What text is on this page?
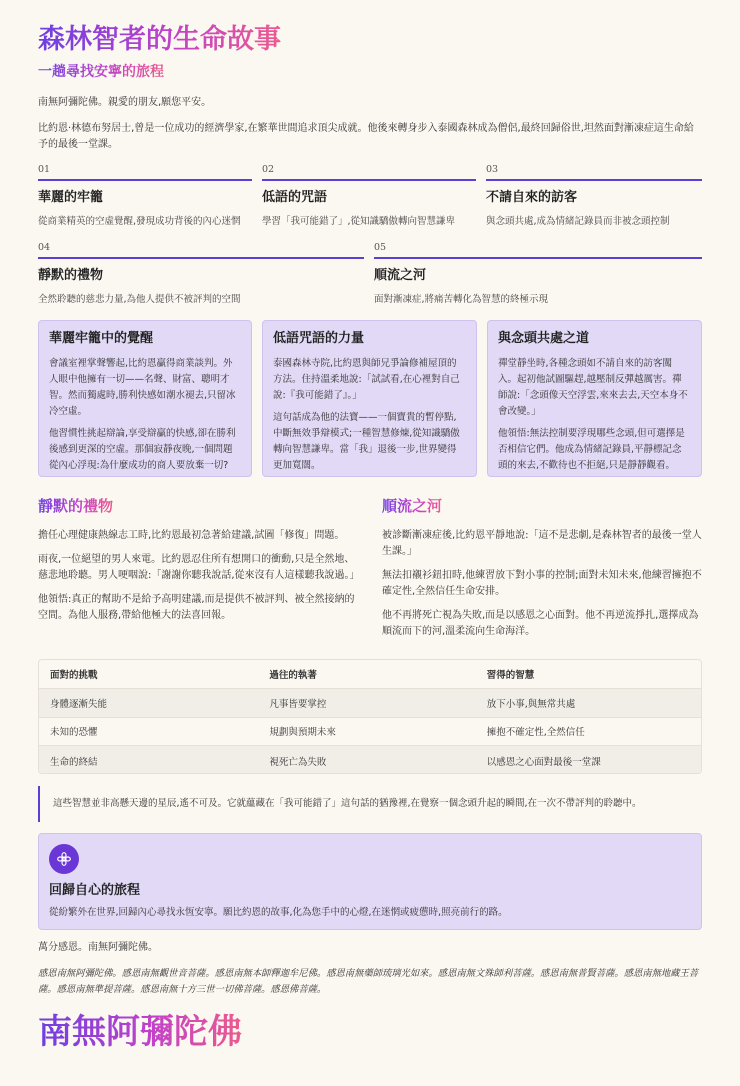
森林智者的生命故事
一趟尋找安寧的旅程

南無阿彌陀佛。親愛的朋友,願您平安。

比約恩·林德布努居士,曾是一位成功的經濟學家,在繁華世間追求頂尖成就。他後來轉身步入泰國森林成為僧侶,最終回歸俗世,坦然面對漸凍症這生命給予的最後一堂課。

01
華麗的牢籠
從商業精英的空虛覺醒,發現成功背後的內心迷惘
02
低語的咒語
學習「我可能錯了」,從知識驕傲轉向智慧謙卑
03
不請自來的訪客
與念頭共處,成為情緒記錄員而非被念頭控制
04
靜默的禮物
全然聆聽的慈悲力量,為他人提供不被評判的空間
05
順流之河
面對漸凍症,將痛苦轉化為智慧的終極示現
華麗牢籠中的覺醒

會議室裡掌聲響起,比約恩贏得商業談判。外人眼中他擁有一切——名聲、財富、聰明才智。然而獨處時,勝利快感如潮水褪去,只留冰冷空虛。

他習慣性挑起辯論,享受辯贏的快感,卻在勝利後感到更深的空虛。那個寂靜夜晚,一個問題從內心浮現:為什麼成功的商人要放棄一切?

低語咒語的力量

泰國森林寺院,比約恩與師兄爭論修補屋頂的方法。住持溫柔地說:「試試看,在心裡對自己說:『我可能錯了』。」

這句話成為他的法寶——一個寶貴的暫停點,中斷無效爭辯模式;一種智慧修煉,從知識驕傲轉向智慧謙卑。當「我」退後一步,世界變得更加寬闊。

與念頭共處之道

禪堂靜坐時,各種念頭如不請自來的訪客闖入。起初他試圖驅趕,越壓制反彈越厲害。禪師說:「念頭像天空浮雲,來來去去,天空本身不會改變。」

他領悟:無法控制要浮現哪些念頭,但可選擇是否相信它們。他成為情緒記錄員,平靜標記念頭的來去,不歡待也不拒絕,只是靜靜觀看。

靜默的禮物

擔任心理健康熱線志工時,比約恩最初急著給建議,試圖「修復」問題。

雨夜,一位絕望的男人來電。比約恩忍住所有想開口的衝動,只是全然地、慈悲地聆聽。男人哽咽說:「謝謝你聽我說話,從來沒有人這樣聽我說過。」

他領悟:真正的幫助不是給予高明建議,而是提供不被評判、被全然接納的空間。為他人服務,帶給他極大的法喜回報。

順流之河

被診斷漸凍症後,比約恩平靜地說:「這不是悲劇,是森林智者的最後一堂人生課。」

無法扣襯衫鈕扣時,他練習放下對小事的控制;面對未知未來,他練習擁抱不確定性,全然信任生命安排。

他不再將死亡視為失敗,而是以感恩之心面對。他不再逆流掙扎,選擇成為順流而下的河,溫柔流向生命海洋。

面對的挑戰	過往的執著	習得的智慧
身體逐漸失能	凡事皆要掌控	放下小事,與無常共處
未知的恐懼	規劃與預期未來	擁抱不確定性,全然信任
生命的終結	視死亡為失敗	以感恩之心面對最後一堂課

這些智慧並非高懸天邊的星辰,遙不可及。它就蘊藏在「我可能錯了」這句話的猶豫裡,在覺察一個念頭升起的瞬間,在一次不帶評判的聆聽中。

回歸自心的旅程
從紛繁外在世界,回歸內心尋找永恆安寧。願比約恩的故事,化為您手中的心燈,在迷惘或疲憊時,照亮前行的路。

萬分感恩。南無阿彌陀佛。

感恩南無阿彌陀佛。感恩南無觀世音菩薩。感恩南無本師釋迦牟尼佛。感恩南無藥師琉璃光如來。感恩南無文殊師利菩薩。感恩南無普賢菩薩。感恩南無地藏王菩薩。感恩南無準提菩薩。感恩南無十方三世一切佛菩薩。感恩佛菩薩。

南無阿彌陀佛
